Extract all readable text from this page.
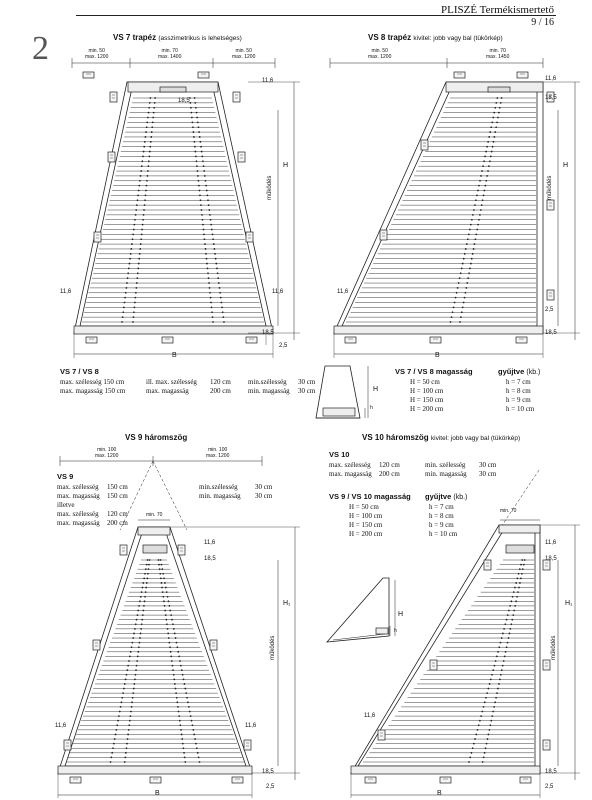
PLISZÉ Termékismertető
9 / 16
2	VS 7 trapéz (asszimetrikus is lehetséges)
min. 50
max. 1200
min. 70
max. 1400
min. 50
max. 1200
11,6
18,5
H
működés
11,6	11,6
18,5
2,5
B
VS 8 trapéz kivitel: jobb vagy bal (tükörkép)
min. 50
max. 1200
min. 70
max. 1450
11,6
18,5
H
működés
11,6
2,5
18,5
B
VS 7 / VS 8
max. szélesség 150 cm	ill. max. szélesség 120 cm min.szélesség 30 cm
max. magasság 150 cm	max. magasság	200 cm min. magasság 30 cm
VS 7 / VS 8 magasság	gyűjtve (kb.)
H = 50 cm	h = 7 cm
H = 100 cm	h = 8 cm
H = 150 cm	h = 9 cm
H = 200 cm	h = 10 cm
H
h
VS 9 háromszög
min. 100
max. 1200
min. 100
max. 1200
VS 9
max. szélesség 150 cm	min.szélesség 30 cm
max. magasság 150 cm	min. magasság 30 cm
illetve
max. szélesség 120 cm
max. magasság 200 cm
min. 70
11,6
18,5
H₁
működés
11,6	11,6
18,5
2,5
B
VS 10 háromszög kivitel: jobb vagy bal (tükörkép)
VS 10
max. szélesség 120 cm	min. szélesség 30 cm
max. magasság 200 cm	min. magasság 30 cm
VS 9 / VS 10 magasság gyűjtve (kb.)
H = 50 cm	h = 7 cm
H = 100 cm	h = 8 cm
H = 150 cm	h = 9 cm
H = 200 cm	h = 10 cm
min. 70
11,6
18,5
H₁
működés
H
h
11,6
18,5
2,5
B
